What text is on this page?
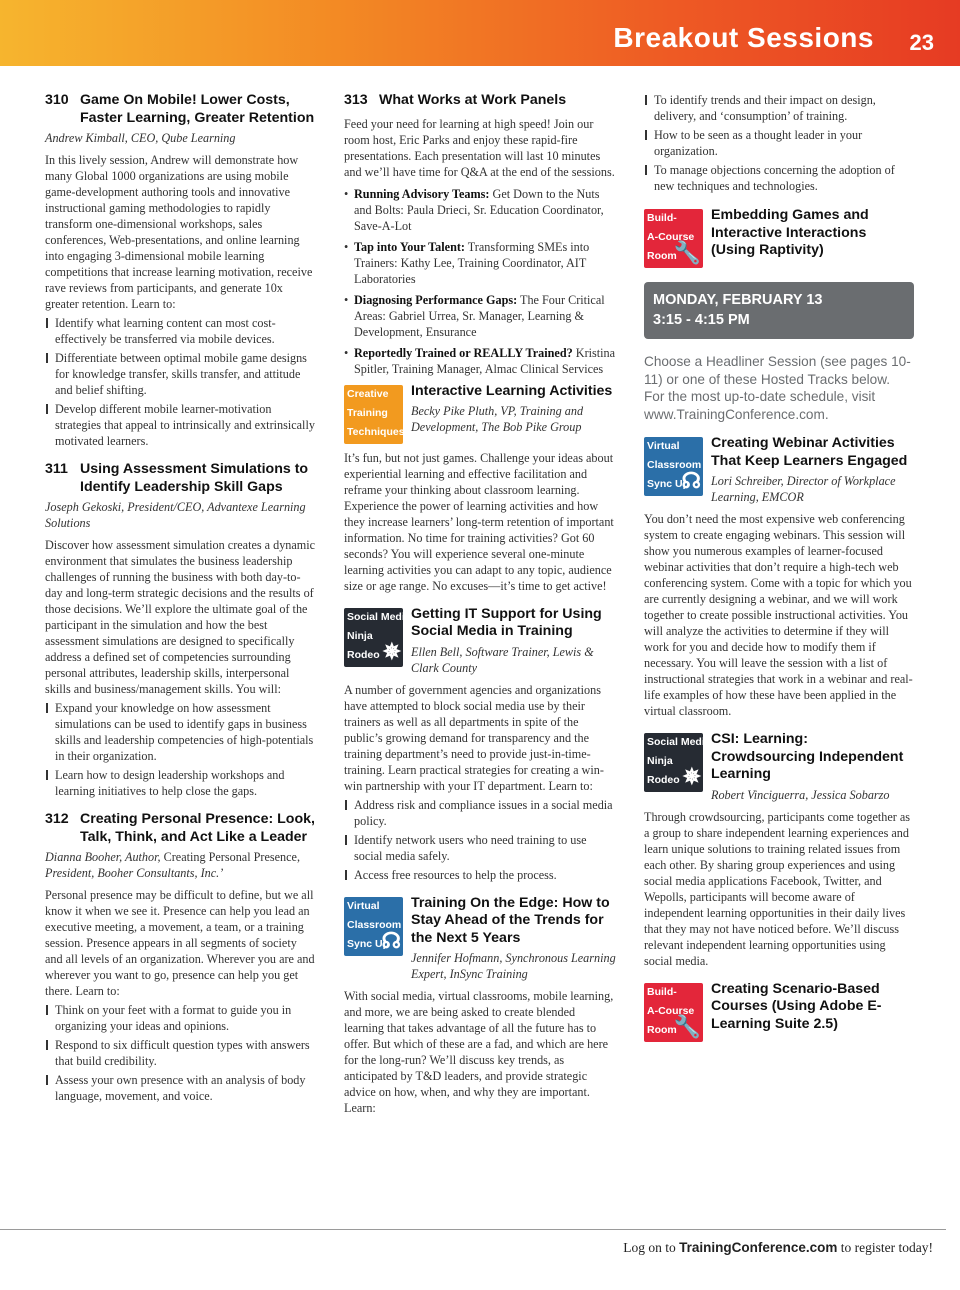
Breakout Sessions 23
310 Game On Mobile! Lower Costs, Faster Learning, Greater Retention
Andrew Kimball, CEO, Qube Learning

In this lively session, Andrew will demonstrate how many Global 1000 organizations are using mobile game-development authoring tools and innovative instructional gaming methodologies to rapidly transform one-dimensional workshops, sales conferences, Web-presentations, and online learning into engaging 3-dimensional mobile learning competitions that increase learning motivation, receive rave reviews from participants, and generate 10x greater retention. Learn to:

Identify what learning content can most cost-effectively be transferred via mobile devices.
Differentiate between optimal mobile game designs for knowledge transfer, skills transfer, and attitude and belief shifting.
Develop different mobile learner-motivation strategies that appeal to intrinsically and extrinsically motivated learners.
311 Using Assessment Simulations to Identify Leadership Skill Gaps
Joseph Gekoski, President/CEO, Advantexe Learning Solutions

Discover how assessment simulation creates a dynamic environment that simulates the business leadership challenges of running the business with both day-to-day and long-term strategic decisions and the results of those decisions. We’ll explore the ultimate goal of the participant in the simulation and how the best assessment simulations are designed to specifically address a defined set of competencies surrounding personal attributes, leadership skills, interpersonal skills and business/management skills. You will:

Expand your knowledge on how assessment simulations can be used to identify gaps in business skills and leadership competencies of high-potentials in their organization.
Learn how to design leadership workshops and learning initiatives to help close the gaps.
312 Creating Personal Presence: Look, Talk, Think, and Act Like a Leader
Dianna Booher, Author, Creating Personal Presence, President, Booher Consultants, Inc.’

Personal presence may be difficult to define, but we all know it when we see it. Presence can help you lead an executive meeting, a movement, a team, or a training session. Presence appears in all segments of society and all levels of an organization. Wherever you are and wherever you want to go, presence can help you get there. Learn to:

Think on your feet with a format to guide you in organizing your ideas and opinions.
Respond to six difficult question types with answers that build credibility.
Assess your own presence with an analysis of body language, movement, and voice.
313 What Works at Work Panels

Feed your need for learning at high speed! Join our room host, Eric Parks and enjoy these rapid-fire presentations. Each presentation will last 10 minutes and we’ll have time for Q&A at the end of the sessions.

• Running Advisory Teams: Get Down to the Nuts and Bolts: Paula Drieci, Sr. Education Coordinator, Save-A-Lot
• Tap into Your Talent: Transforming SMEs into Trainers: Kathy Lee, Training Coordinator, AIT Laboratories
• Diagnosing Performance Gaps: The Four Critical Areas: Gabriel Urrea, Sr. Manager, Learning & Development, Ensurance
• Reportedly Trained or REALLY Trained? Kristina Spitler, Training Manager, Almac Clinical Services
Creative
Training
Techniques
Interactive Learning Activities
Becky Pike Pluth, VP, Training and Development, The Bob Pike Group

It’s fun, but not just games. Challenge your ideas about experiential learning and effective facilitation and reframe your thinking about classroom learning. Experience the power of learning activities and how they increase learners’ long-term retention of important information. No time for training activities? Got 60 seconds? You will experience several one-minute learning activities you can adapt to any topic, audience size or age range. No excuses—it’s time to get active!

Social Media
Ninja
Rodeo ✵
Getting IT Support for Using Social Media in Training
Ellen Bell, Software Trainer, Lewis & Clark County

A number of government agencies and organizations have attempted to block social media use by their trainers as well as all departments in spite of the public’s growing demand for transparency and the training department’s need to provide just-in-time-training. Learn practical strategies for creating a win-win partnership with your IT department. Learn to:

Address risk and compliance issues in a social media policy.
Identify network users who need training to use social media safely.
Access free resources to help the process.
Virtual
Classroom
Sync Up
☊
Training On the Edge: How to Stay Ahead of the Trends for the Next 5 Years
Jennifer Hofmann, Synchronous Learning Expert, InSync Training

With social media, virtual classrooms, mobile learning, and more, we are being asked to create blended learning that takes advantage of all the future has to offer. But which of these are a fad, and which are here for the long-run? We’ll discuss key trends, as anticipated by T&D leaders, and provide strategic advice on how, when, and why they are important. Learn:

To identify trends and their impact on design, delivery, and ‘consumption’ of training.
How to be seen as a thought leader in your organization.
To manage objections concerning the adoption of new techniques and technologies.
Build-
A-Course
Room
🔧
Embedding Games and Interactive Interactions (Using Raptivity)
MONDAY, FEBRUARY 13
3:15 - 4:15 PM
Choose a Headliner Session (see pages 10-11) or one of these Hosted Tracks below. For the most up-to-date schedule, visit www.TrainingConference.com.
Virtual
Classroom
Sync Up
☊
Creating Webinar Activities That Keep Learners Engaged
Lori Schreiber, Director of Workplace Learning, EMCOR

You don’t need the most expensive web conferencing system to create engaging webinars. This session will show you numerous examples of learner-focused webinar activities that don’t require a high-tech web conferencing system. Come with a topic for which you are currently designing a webinar, and we will work together to create possible instructional activities. You will analyze the activities to determine if they will work for you and decide how to modify them if necessary. You will leave the session with a list of instructional strategies that work in a webinar and real-life examples of how these have been applied in the virtual classroom.

Social Media
Ninja
Rodeo ✵
CSI: Learning: Crowdsourcing Independent Learning
Robert Vinciguerra, Jessica Sobarzo

Through crowdsourcing, participants come together as a group to share independent learning experiences and learn unique solutions to training related issues from each other. By sharing group experiences and using social media applications Facebook, Twitter, and Wepolls, participants will become aware of independent learning opportunities in their daily lives that they may not have noticed before. We’ll discuss relevant independent learning opportunities using social media.

Build-
A-Course
Room
🔧
Creating Scenario-Based Courses (Using Adobe E-Learning Suite 2.5)
Log on to TrainingConference.com to register today!
